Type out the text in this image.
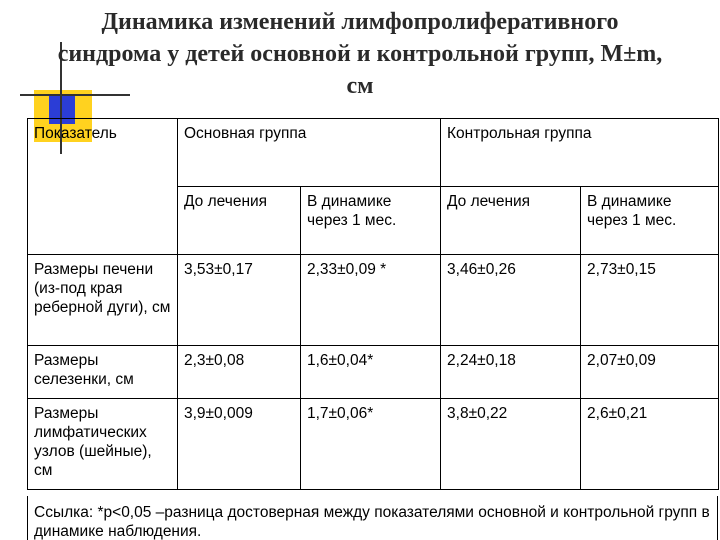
Динамика изменений лимфопролиферативного
синдрома у детей основной и контрольной групп, M±m,
см
Показатель	Основная группа		Контрольная группа	
	До лечения	В динамике через 1 мес.	До лечения	В динамике через 1 мес.
Размеры печени (из-под края реберной дуги), см	3,53±0,17	2,33±0,09 *	3,46±0,26	2,73±0,15
Размеры селезенки, см	2,3±0,08	1,6±0,04*	2,24±0,18	2,07±0,09
Размеры лимфатических узлов (шейные), см	3,9±0,009	1,7±0,06*	3,8±0,22	2,6±0,21
Ссылка: *p<0,05 –разница достоверная между показателями основной и контрольной групп в динамике наблюдения.
